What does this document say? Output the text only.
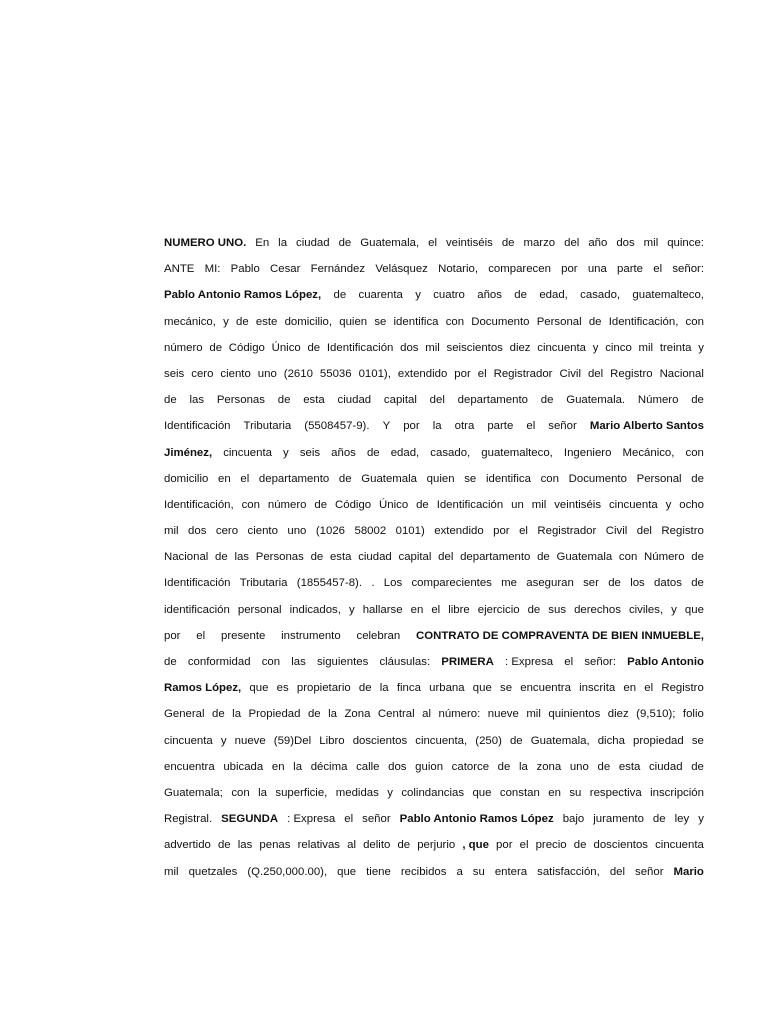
NUMERO UNO. En la ciudad de Guatemala, el veintiséis de marzo del año dos mil quince:
ANTE MI: Pablo Cesar Fernández Velásquez Notario, comparecen por una parte el señor:
Pablo Antonio Ramos López, de cuarenta y cuatro años de edad, casado, guatemalteco,
mecánico, y de este domicilio, quien se identifica con Documento Personal de Identificación, con
número de Código Único de Identificación dos mil seiscientos diez cincuenta y cinco mil treinta y
seis cero ciento uno (2610 55036 0101), extendido por el Registrador Civil del Registro Nacional
de las Personas de esta ciudad capital del departamento de Guatemala. Número de
Identificación Tributaria (5508457-9). Y por la otra parte el señor Mario Alberto Santos
Jiménez, cincuenta y seis años de edad, casado, guatemalteco, Ingeniero Mecánico, con
domicilio en el departamento de Guatemala quien se identifica con Documento Personal de
Identificación, con número de Código Único de Identificación un mil veintiséis cincuenta y ocho
mil dos cero ciento uno (1026 58002 0101) extendido por el Registrador Civil del Registro
Nacional de las Personas de esta ciudad capital del departamento de Guatemala con Número de
Identificación Tributaria (1855457-8). . Los comparecientes me aseguran ser de los datos de
identificación personal indicados, y hallarse en el libre ejercicio de sus derechos civiles, y que
por el presente instrumento celebran CONTRATO DE COMPRAVENTA DE BIEN INMUEBLE,
de conformidad con las siguientes cláusulas: PRIMERA : Expresa el señor: Pablo Antonio
Ramos López, que es propietario de la finca urbana que se encuentra inscrita en el Registro
General de la Propiedad de la Zona Central al número: nueve mil quinientos diez (9,510); folio
cincuenta y nueve (59)Del Libro doscientos cincuenta, (250) de Guatemala, dicha propiedad se
encuentra ubicada en la décima calle dos guion catorce de la zona uno de esta ciudad de
Guatemala; con la superficie, medidas y colindancias que constan en su respectiva inscripción
Registral. SEGUNDA : Expresa el señor Pablo Antonio Ramos López bajo juramento de ley y
advertido de las penas relativas al delito de perjurio , que por el precio de doscientos cincuenta
mil quetzales (Q.250,000.00), que tiene recibidos a su entera satisfacción, del señor Mario
